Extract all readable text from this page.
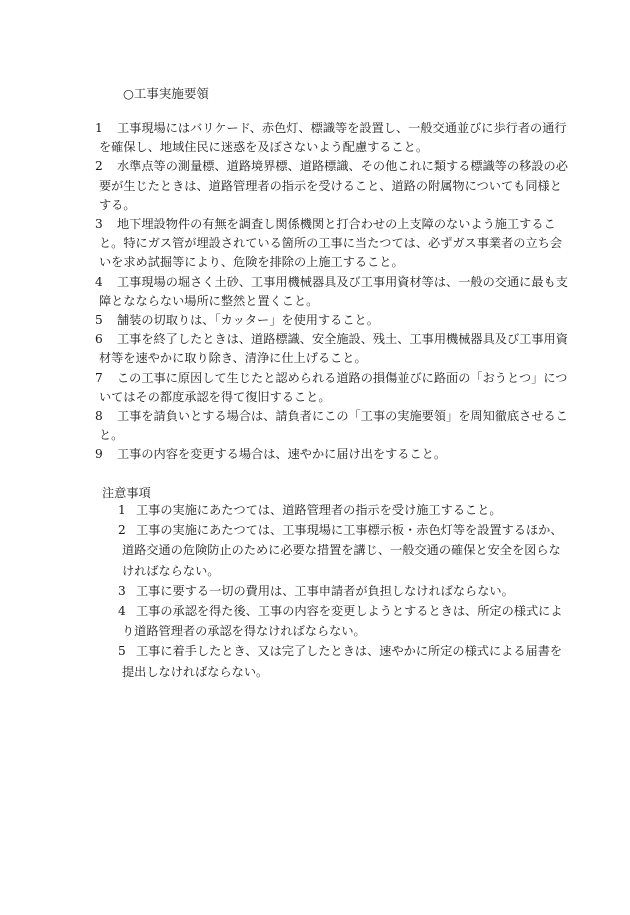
○工事実施要領
1 工事現場にはバリケード、赤色灯、標識等を設置し、一般交通並びに歩行者の通行
を確保し、地域住民に迷惑を及ぼさないよう配慮すること。
2 水準点等の測量標、道路境界標、道路標識、その他これに類する標識等の移設の必
要が生じたときは、道路管理者の指示を受けること、道路の附属物についても同様と
する。
3 地下埋設物件の有無を調査し関係機関と打合わせの上支障のないよう施工するこ
と。特にガス管が埋設されている箇所の工事に当たつては、必ずガス事業者の立ち会
いを求め試掘等により、危険を排除の上施工すること。
4 工事現場の堀さく土砂、工事用機械器具及び工事用資材等は、一般の交通に最も支
障となならない場所に整然と置くこと。
5 舗装の切取りは、「カッター」を使用すること。
6 工事を終了したときは、道路標識、安全施設、残土、工事用機械器具及び工事用資
材等を速やかに取り除き、清浄に仕上げること。
7 この工事に原因して生じたと認められる道路の損傷並びに路面の「おうとつ」につ
いてはその都度承認を得て復旧すること。
8 工事を請負いとする場合は、請負者にこの「工事の実施要領」を周知徹底させるこ
と。
9 工事の内容を変更する場合は、速やかに届け出をすること。
注意事項
1 工事の実施にあたつては、道路管理者の指示を受け施工すること。
2 工事の実施にあたつては、工事現場に工事標示板・赤色灯等を設置するほか、
道路交通の危険防止のために必要な措置を講じ、一般交通の確保と安全を図らな
ければならない。
3 工事に要する一切の費用は、工事申請者が負担しなければならない。
4 工事の承認を得た後、工事の内容を変更しようとするときは、所定の様式によ
り道路管理者の承認を得なければならない。
5 工事に着手したとき、又は完了したときは、速やかに所定の様式による届書を
提出しなければならない。
